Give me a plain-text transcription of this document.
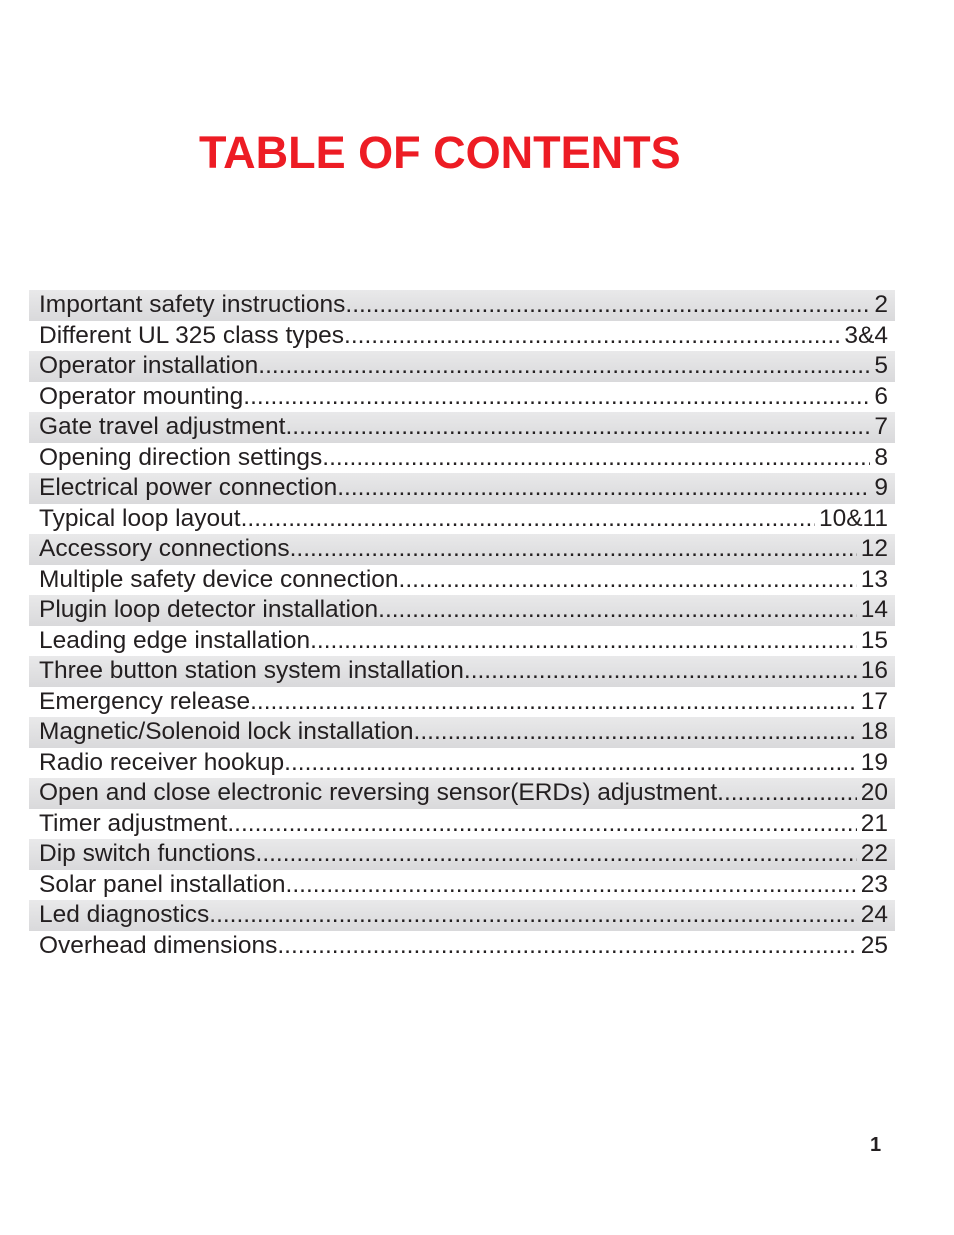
TABLE OF CONTENTS
Important safety instructions .....	2
Different UL 325 class types .....	3&4
Operator installation .....	5
Operator mounting .....	6
Gate travel adjustment .....	7
Opening direction settings .....	8
Electrical power connection .....	9
Typical loop layout .....	10&11
Accessory connections .....	12
Multiple safety device connection .....	13
Plugin loop detector installation .....	14
Leading edge installation .....	15
Three button station system installation .....	16
Emergency release .....	17
Magnetic/Solenoid lock installation .....	18
Radio receiver hookup .....	19
Open and close electronic reversing sensor(ERDs) adjustment .....	20
Timer adjustment .....	21
Dip switch functions .....	22
Solar panel installation .....	23
Led diagnostics .....	24
Overhead dimensions .....	25
1
